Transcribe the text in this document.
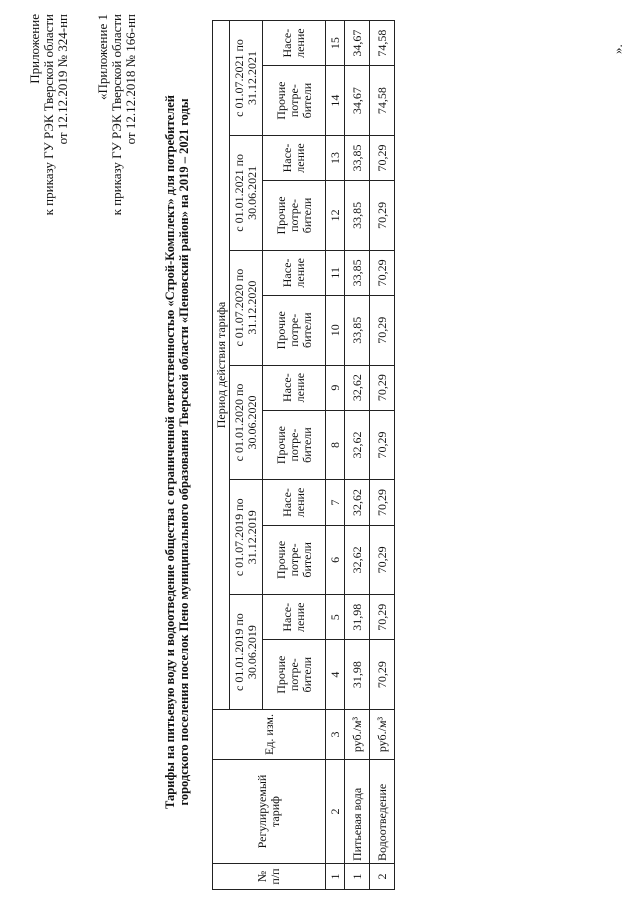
Приложение к приказу ГУ РЭК Тверской области от 12.12.2019 № 324-нп «Приложение 1 к приказу ГУ РЭК Тверской области от 12.12.2018 № 166-нп
Тарифы на питьевую воду и водоотведение общества с ограниченной ответственностью «Строй-Комплект» для потребителей городского поселения поселок Пено муниципального образования Тверской области «Пеновский район» на 2019 – 2021 годы
№ п/п	Регулируемый тариф	Ед. изм.	Период действия тарифа											
			с 01.01.2019 по 30.06.2019		с 01.07.2019 по 31.12.2019		с 01.01.2020 по 30.06.2020		с 01.07.2020 по 31.12.2020		с 01.01.2021 по 30.06.2021		с 01.07.2021 по 31.12.2021	
			Прочие потре-бители	Насе-ление	Прочие потре-бители	Насе-ление	Прочие потре-бители	Насе-ление	Прочие потре-бители	Насе-ление	Прочие потре-бители	Насе-ление	Прочие потре-бители	Насе-ление
1	2	3	4	5	6	7	8	9	10	11	12	13	14	15
1	Питьевая вода	руб./м³	31,98	31,98	32,62	32,62	32,62	32,62	33,85	33,85	33,85	33,85	34,67	34,67
2	Водоотведение	руб./м³	70,29	70,29	70,29	70,29	70,29	70,29	70,29	70,29	70,29	70,29	74,58	74,58	».
